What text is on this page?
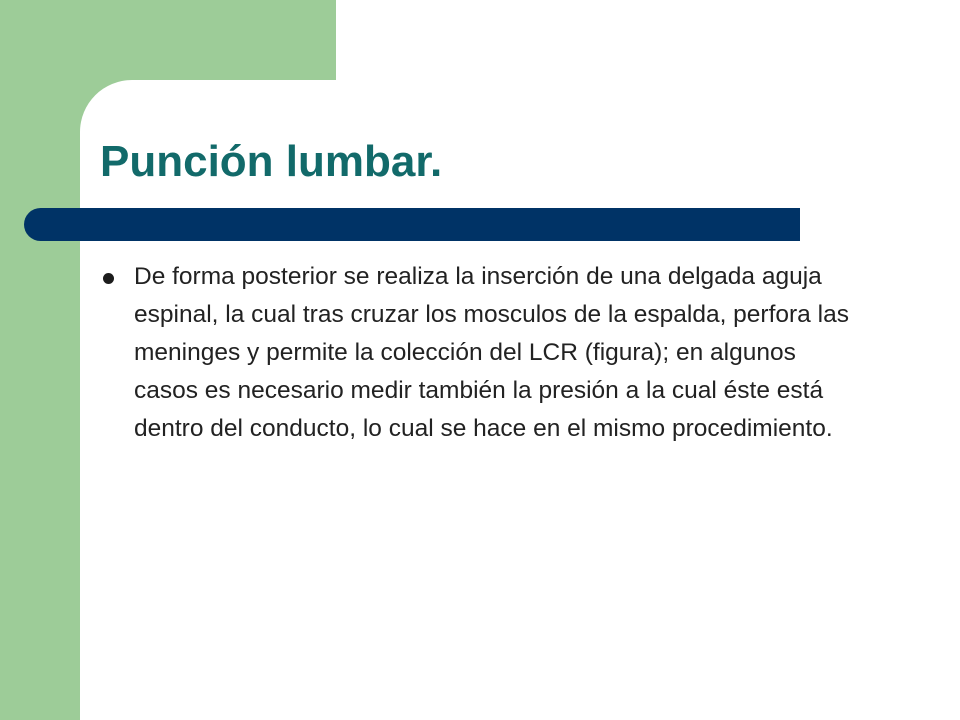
Punción lumbar.
De forma posterior se realiza la inserción de una delgada aguja espinal, la cual tras cruzar los mosculos de la espalda, perfora las meninges y permite la colección del LCR (figura); en algunos casos es necesario medir también la presión a la cual éste está dentro del conducto, lo cual se hace en el mismo procedimiento.
